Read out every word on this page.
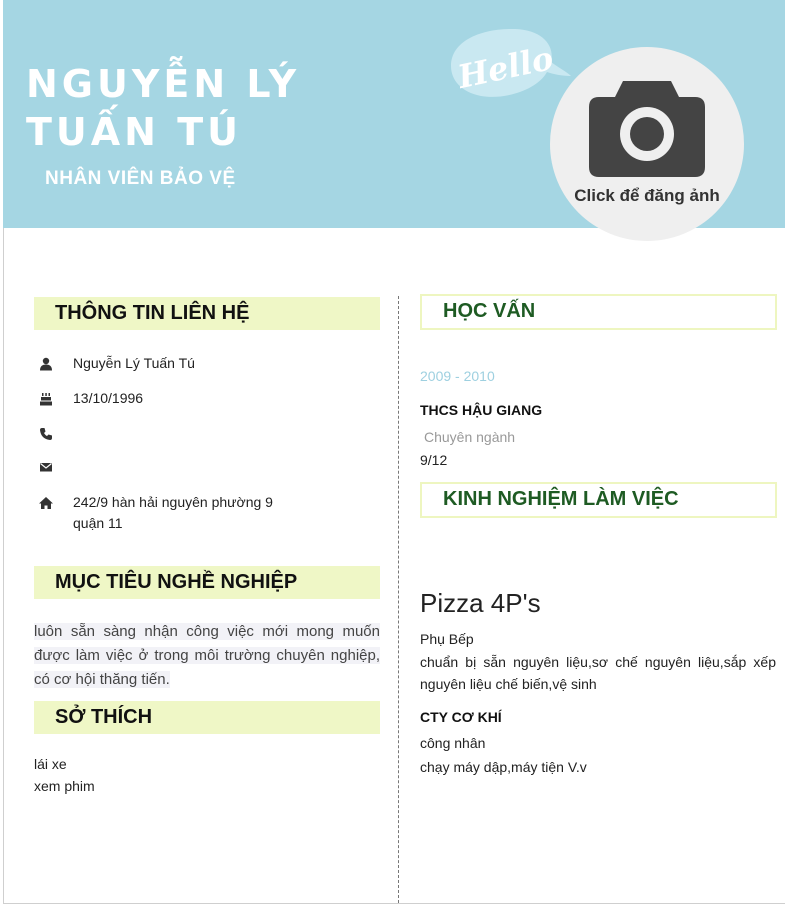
NGUYỄN LÝ
TUẤN TÚ
NHÂN VIÊN BẢO VỆ
Hello
Click để đăng ảnh
THÔNG TIN LIÊN HỆ
Nguyễn Lý Tuấn Tú
13/10/1996
242/9 hàn hải nguyên phường 9
quận 11
MỤC TIÊU NGHỀ NGHIỆP
luôn sẵn sàng nhận công việc mới mong muốn được làm việc ở trong môi trường chuyên nghiệp, có cơ hội thăng tiến.
SỞ THÍCH
lái xe
xem phim
HỌC VẤN
2009 - 2010
THCS HẬU GIANG
Chuyên ngành
9/12
KINH NGHIỆM LÀM VIỆC
Pizza 4P's
Phụ Bếp
chuẩn bị sẵn nguyên liệu,sơ chế nguyên liệu,sắp xếp nguyên liệu chế biến,vệ sinh
CTY CƠ KHÍ
công nhân
chạy máy dập,máy tiện V.v
